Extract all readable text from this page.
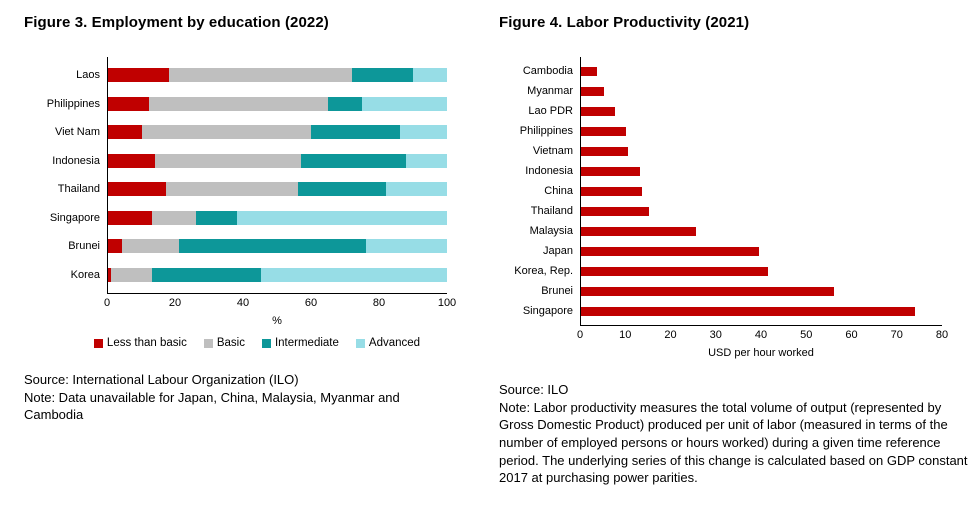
Figure 3. Employment by education (2022)
Laos
Philippines
Viet Nam
Indonesia
Thailand
Singapore
Brunei
Korea
0	20	40	60	80	100
%
Less than basic	Basic	Intermediate	Advanced

Source: International Labour Organization (ILO)

Note: Data unavailable for Japan, China, Malaysia, Myanmar and Cambodia

Figure 4. Labor Productivity (2021)
Cambodia
Myanmar
Lao PDR
Philippines
Vietnam
Indonesia
China
Thailand
Malaysia
Japan
Korea, Rep.
Brunei
Singapore
0	10	20	30	40	50	60	70	80
USD per hour worked

Source: ILO

Note: Labor productivity measures the total volume of output (represented by Gross Domestic Product) produced per unit of labor (measured in terms of the number of employed persons or hours worked) during a given time reference period. The underlying series of this change is calculated based on GDP constant 2017 at purchasing power parities.
